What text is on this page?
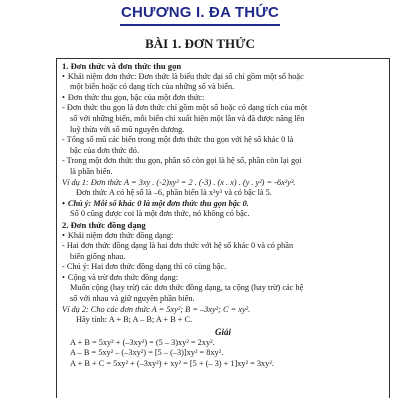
CHƯƠNG I. ĐA THỨC
BÀI 1. ĐƠN THỨC
1. Đơn thức và đơn thức thu gọn
• Khái niệm đơn thức: Đơn thức là biểu thức đại số chỉ gồm một số hoặc
một biến hoặc có dạng tích của những số và biến.
• Đơn thức thu gọn, bậc của một đơn thức:
- Đơn thức thu gọn là đơn thức chỉ gồm một số hoặc có dạng tích của một
số với những biến, mỗi biến chỉ xuất hiện một lần và đã được nâng lên
luỹ thừa với số mũ nguyên dương.
- Tổng số mũ các biến trong một đơn thức thu gọn với hệ số khác 0 là
bậc của đơn thức đó.
- Trong một đơn thức thu gọn, phần số còn gọi là hệ số, phần còn lại gọi
là phần biến.
Ví dụ 1: Đơn thức A = 3xy . (-2)xy² = 2 . (-3) . (x . x) . (y . y²) = -6x²y³.
Đơn thức A có hệ số là –6, phần biến là x²y³ và có bậc là 5.
• Chú ý: Mỗi số khác 0 là một đơn thức thu gọn bậc 0.
Số 0 cũng được coi là một đơn thức, nó không có bậc.
2. Đơn thức đồng dạng
• Khái niệm đơn thức đồng dạng:
- Hai đơn thức đồng dạng là hai đơn thức với hệ số khác 0 và có phần
biến giống nhau.
- Chú ý: Hai đơn thức đồng dạng thì có cùng bậc.
• Cộng và trừ đơn thức đồng dạng:
Muốn cộng (hay trừ) các đơn thức đồng dạng, ta cộng (hay trừ) các hệ
số với nhau và giữ nguyên phần biến.
Ví dụ 2: Cho các đơn thức A = 5xy²; B = –3xy²; C = xy².
Hãy tính: A + B; A – B; A + B + C.
Giải
A + B = 5xy² + (–3xy²) = (5 – 3)xy² = 2xy².
A – B = 5xy² – (–3xy²) = [5 – (–3)]xy² = 8xy².
A + B + C = 5xy² + (–3xy²) + xy² = [5 + (– 3) + 1]xy² = 3xy².
